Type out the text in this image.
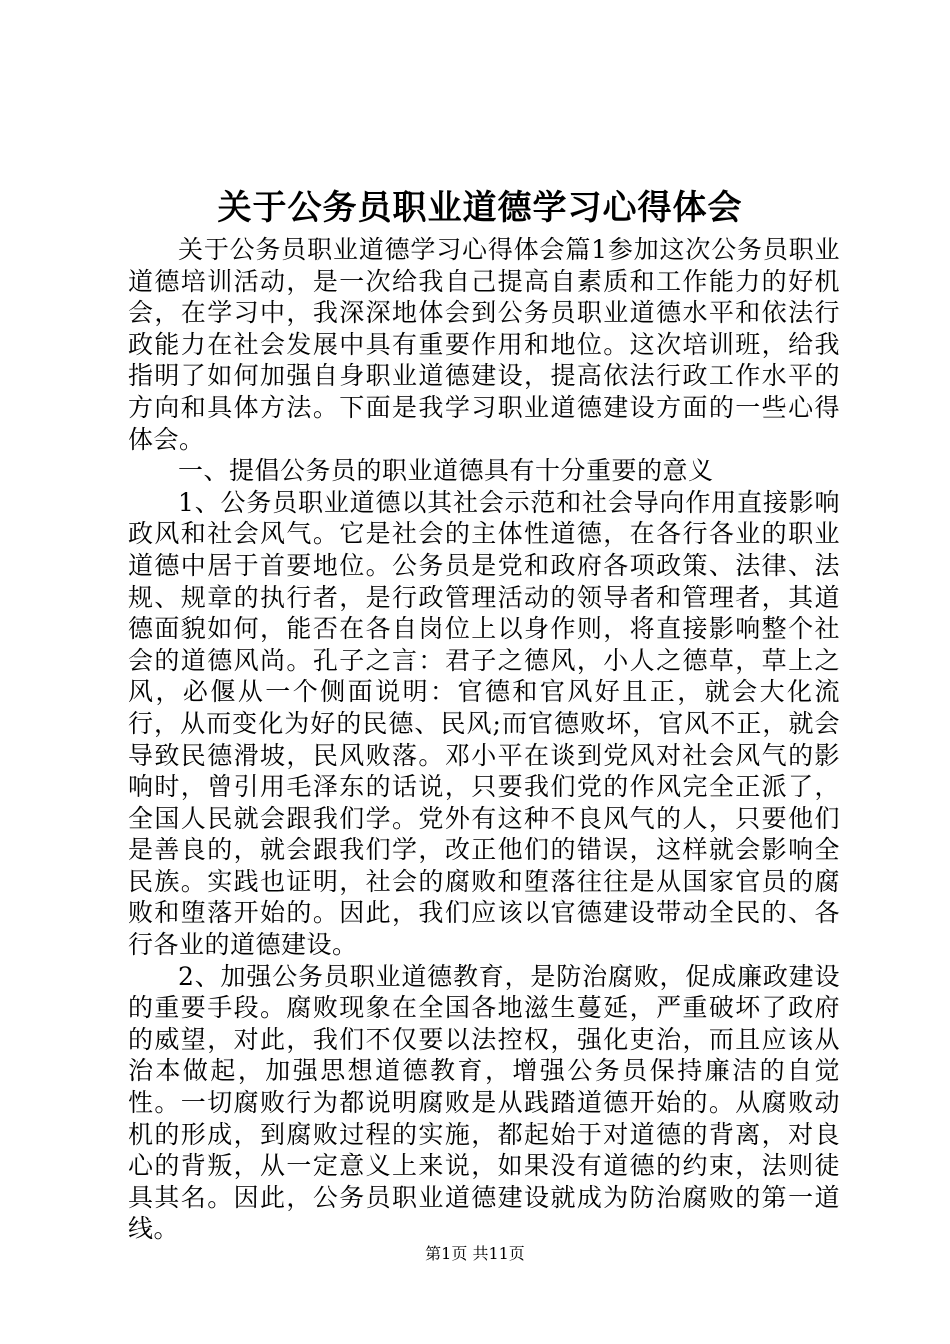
关于公务员职业道德学习心得体会

关于公务员职业道德学习心得体会篇1参加这次公务员职业道德培训活动，是一次给我自己提高自素质和工作能力的好机会，在学习中，我深深地体会到公务员职业道德水平和依法行政能力在社会发展中具有重要作用和地位。这次培训班，给我指明了如何加强自身职业道德建设，提高依法行政工作水平的方向和具体方法。下面是我学习职业道德建设方面的一些心得体会。

一、提倡公务员的职业道德具有十分重要的意义

1、公务员职业道德以其社会示范和社会导向作用直接影响政风和社会风气。它是社会的主体性道德，在各行各业的职业道德中居于首要地位。公务员是党和政府各项政策、法律、法规、规章的执行者，是行政管理活动的领导者和管理者，其道德面貌如何，能否在各自岗位上以身作则，将直接影响整个社会的道德风尚。孔子之言：君子之德风，小人之德草，草上之风，必偃从一个侧面说明：官德和官风好且正，就会大化流行，从而变化为好的民德、民风;而官德败坏，官风不正，就会导致民德滑坡，民风败落。邓小平在谈到党风对社会风气的影响时，曾引用毛泽东的话说，只要我们党的作风完全正派了，全国人民就会跟我们学。党外有这种不良风气的人，只要他们是善良的，就会跟我们学，改正他们的错误，这样就会影响全民族。实践也证明，社会的腐败和堕落往往是从国家官员的腐败和堕落开始的。因此，我们应该以官德建设带动全民的、各行各业的道德建设。

2、加强公务员职业道德教育，是防治腐败，促成廉政建设的重要手段。腐败现象在全国各地滋生蔓延，严重破坏了政府的威望，对此，我们不仅要以法控权，强化吏治，而且应该从治本做起，加强思想道德教育，增强公务员保持廉洁的自觉性。一切腐败行为都说明腐败是从践踏道德开始的。从腐败动机的形成，到腐败过程的实施，都起始于对道德的背离，对良心的背叛，从一定意义上来说，如果没有道德的约束，法则徒具其名。因此，公务员职业道德建设就成为防治腐败的第一道线。

第1页 共11页
